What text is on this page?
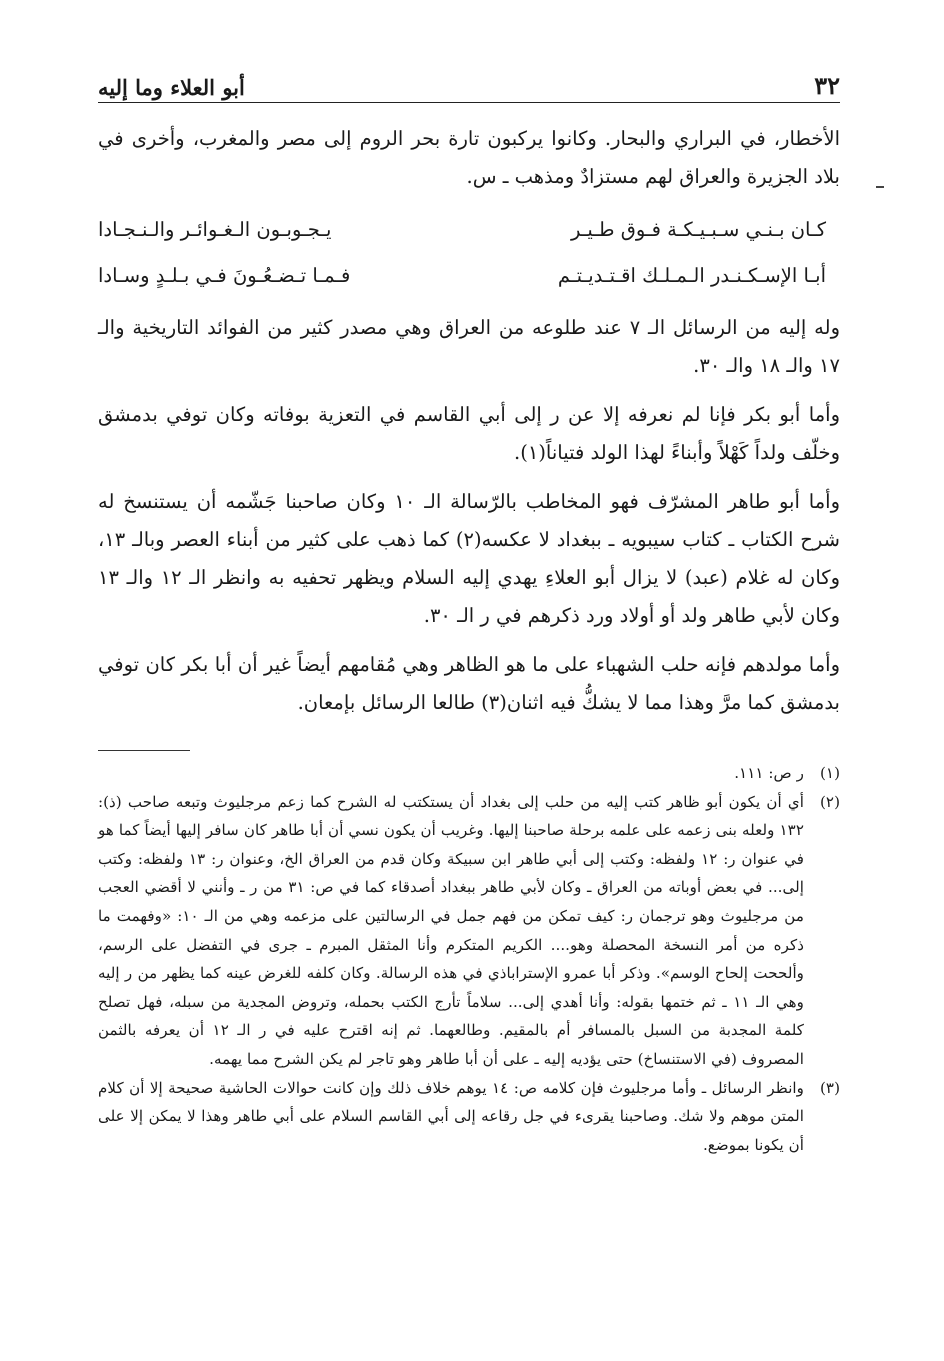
٣٢
أبو العلاء وما إليه

الأخطار، في البراري والبحار. وكانوا يركبون تارة بحر الروم إلى مصر والمغرب، وأخرى في بلاد الجزيرة والعراق لهم مستزادٌ ومذهب ـ س.

كـان بـنـي سـبـيـكـة فـوق طـيـر
يـجـوبـون الـغـوائـر والـنـجـادا
أبـا الإسـكـنـدر الـمـلـك اقـتـديـتـم
فـمـا تـضـعُـونَ فـي بـلـدٍ وسـادا

وله إليه من الرسائل الـ ٧ عند طلوعه من العراق وهي مصدر كثير من الفوائد التاريخية والـ ١٧ والـ ١٨ والـ ٣٠.

وأما أبو بكر فإنا لم نعرفه إلا عن ر إلى أبي القاسم في التعزية بوفاته وكان توفي بدمشق وخلّف ولداً كَهْلاً وأبناءً لهذا الولد فتياناً(١).

وأما أبو طاهر المشرّف فهو المخاطب بالرّسالة الـ ١٠ وكان صاحبنا جَشّمه أن يستنسخ له شرح الكتاب ـ كتاب سيبويه ـ ببغداد لا عكسه(٢) كما ذهب على كثير من أبناء العصر وبالـ ١٣، وكان له غلام (عبد) لا يزال أبو العلاءِ يهدي إليه السلام ويظهر تحفيه به وانظر الـ ١٢ والـ ١٣ وكان لأبي طاهر ولد أو أولاد ورد ذكرهم في ر الـ ٣٠.

وأما مولدهم فإنه حلب الشهباء على ما هو الظاهر وهي مُقامهم أيضاً غير أن أبا بكر كان توفي بدمشق كما مرَّ وهذا مما لا يشكُّ فيه اثنان(٣) طالعا الرسائل بإمعان.

(١)
ر ص: ١١١.
(٢)
أي أن يكون أبو ظاهر كتب إليه من حلب إلى بغداد أن يستكتب له الشرح كما زعم مرجليوث وتبعه صاحب (ذ): ١٣٢ ولعله بنى زعمه على علمه برحلة صاحبنا إليها. وغريب أن يكون نسي أن أبا طاهر كان سافر إليها أيضاً كما هو في عنوان ر: ١٢ ولفظه: وكتب إلى أبي طاهر ابن سبيكة وكان قدم من العراق الخ، وعنوان ر: ١٣ ولفظه: وكتب إلى... في بعض أوباته من العراق ـ وكان لأبي طاهر ببغداد أصدقاء كما في ص: ٣١ من ر ـ وأنني لا أقضي العجب من مرجليوث وهو ترجمان ر: كيف تمكن من فهم جمل في الرسالتين على مزعمه وهي من الـ ١٠: «وفهمت ما ذكره من أمر النسخة المحصلة وهو.... الكريم المتكرم وأنا المثقل المبرم ـ جرى في التفضل على الرسم، وألححت إلحاح الوسم». وذكر أبا عمرو الإستراباذي في هذه الرسالة. وكان كلفه للغرض عينه كما يظهر من ر إليه وهي الـ ١١ ـ ثم ختمها بقوله: وأنا أهدي إلى... سلاماً تأرج الكتب بحمله، وتروض المجدية من سبله، فهل تصلح كلمة المجدبة من السبل بالمسافر أم بالمقيم. وطالعهما. ثم إنه اقترح عليه في ر الـ ١٢ أن يعرفه بالثمن المصروف (في الاستنساخ) حتى يؤديه إليه ـ على أن أبا طاهر وهو تاجر لم يكن الشرح مما يهمه.
(٣)
وانظر الرسائل ـ وأما مرجليوث فإن كلامه ص: ١٤ يوهم خلاف ذلك وإن كانت حوالات الحاشية صحيحة إلا أن كلام المتن موهم ولا شك. وصاحبنا يقرىء في جل رقاعه إلى أبي القاسم السلام على أبي طاهر وهذا لا يمكن إلا على أن يكونا بموضع.
